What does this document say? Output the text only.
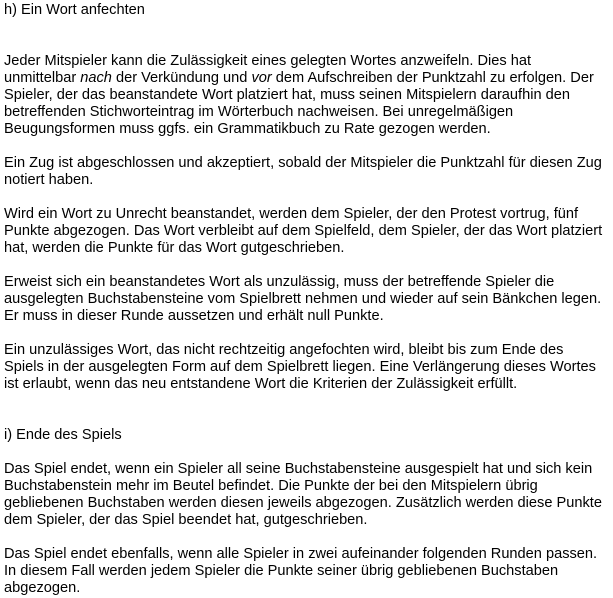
h) Ein Wort anfechten
Jeder Mitspieler kann die Zulässigkeit eines gelegten Wortes anzweifeln. Dies hat
unmittelbar nach der Verkündung und vor dem Aufschreiben der Punktzahl zu erfolgen. Der
Spieler, der das beanstandete Wort platziert hat, muss seinen Mitspielern daraufhin den
betreffenden Stichworteintrag im Wörterbuch nachweisen. Bei unregelmäßigen
Beugungsformen muss ggfs. ein Grammatikbuch zu Rate gezogen werden.
Ein Zug ist abgeschlossen und akzeptiert, sobald der Mitspieler die Punktzahl für diesen Zug
notiert haben.
Wird ein Wort zu Unrecht beanstandet, werden dem Spieler, der den Protest vortrug, fünf
Punkte abgezogen. Das Wort verbleibt auf dem Spielfeld, dem Spieler, der das Wort platziert
hat, werden die Punkte für das Wort gutgeschrieben.
Erweist sich ein beanstandetes Wort als unzulässig, muss der betreffende Spieler die
ausgelegten Buchstabensteine vom Spielbrett nehmen und wieder auf sein Bänkchen legen.
Er muss in dieser Runde aussetzen und erhält null Punkte.
Ein unzulässiges Wort, das nicht rechtzeitig angefochten wird, bleibt bis zum Ende des
Spiels in der ausgelegten Form auf dem Spielbrett liegen. Eine Verlängerung dieses Wortes
ist erlaubt, wenn das neu entstandene Wort die Kriterien der Zulässigkeit erfüllt.
i) Ende des Spiels
Das Spiel endet, wenn ein Spieler all seine Buchstabensteine ausgespielt hat und sich kein
Buchstabenstein mehr im Beutel befindet. Die Punkte der bei den Mitspielern übrig
gebliebenen Buchstaben werden diesen jeweils abgezogen. Zusätzlich werden diese Punkte
dem Spieler, der das Spiel beendet hat, gutgeschrieben.
Das Spiel endet ebenfalls, wenn alle Spieler in zwei aufeinander folgenden Runden passen.
In diesem Fall werden jedem Spieler die Punkte seiner übrig gebliebenen Buchstaben
abgezogen.
